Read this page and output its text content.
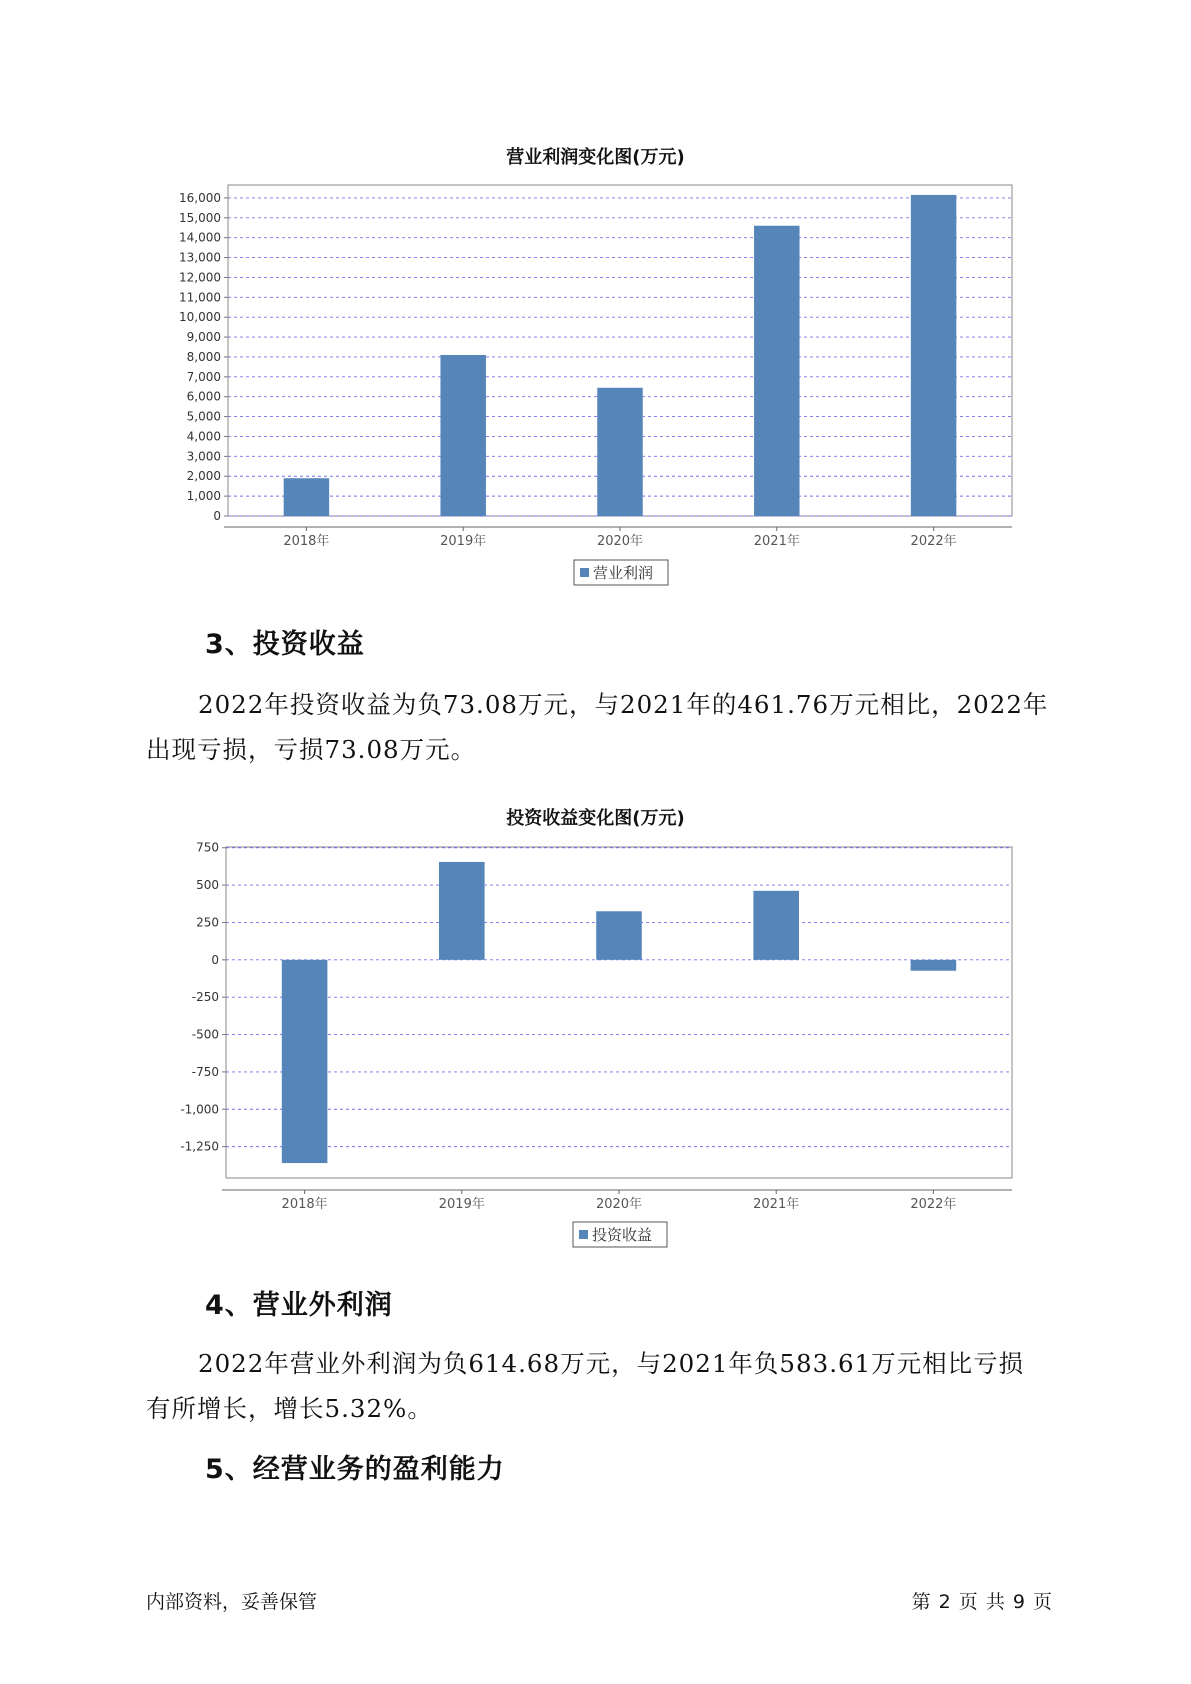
营业利润变化图(万元)
0
1,000
2,000
3,000
4,000
5,000
6,000
7,000
8,000
9,000
10,000
11,000
12,000
13,000
14,000
15,000
16,000
2018年	2019年	2020年	2021年	2022年
营业利润
3、投资收益
2022年投资收益为负73.08万元，与2021年的461.76万元相比，2022年
出现亏损，亏损73.08万元。
投资收益变化图(万元)
-1,250
-1,000
-750
-500
-250
0
250
500
750
2018年	2019年	2020年	2021年	2022年
投资收益
4、营业外利润
2022年营业外利润为负614.68万元，与2021年负583.61万元相比亏损
有所增长，增长5.32%。
5、经营业务的盈利能力
内部资料，妥善保管	第 2 页 共 9 页
